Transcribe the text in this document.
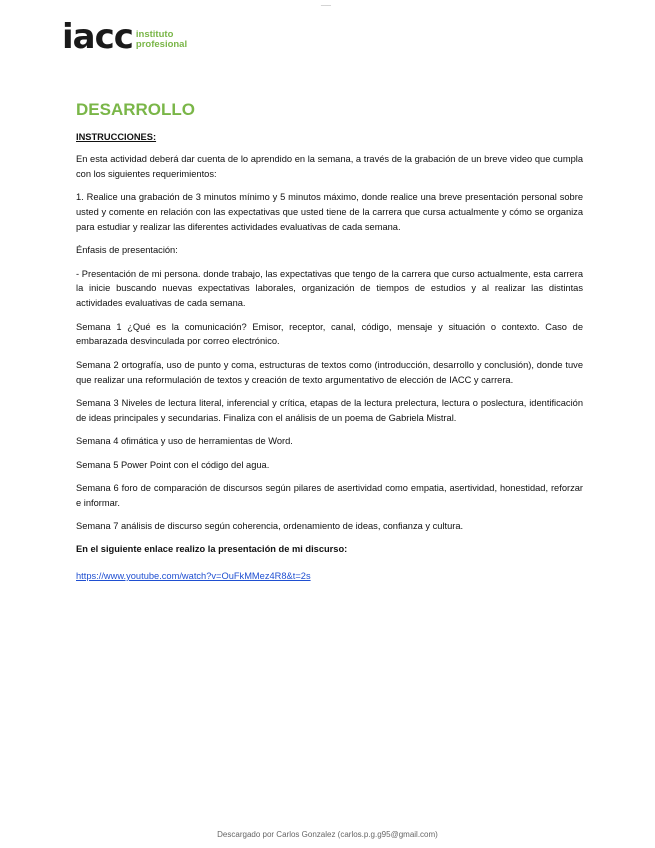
___
iacc instituto
profesional
DESARROLLO
INSTRUCCIONES:

En esta actividad deberá dar cuenta de lo aprendido en la semana, a través de la grabación de un breve video que cumpla con los siguientes requerimientos:

1. Realice una grabación de 3 minutos mínimo y 5 minutos máximo, donde realice una breve presentación personal sobre usted y comente en relación con las expectativas que usted tiene de la carrera que cursa actualmente y cómo se organiza para estudiar y realizar las diferentes actividades evaluativas de cada semana.

Énfasis de presentación:

- Presentación de mi persona. donde trabajo, las expectativas que tengo de la carrera que curso actualmente, esta carrera la inicie buscando nuevas expectativas laborales, organización de tiempos de estudios y al realizar las distintas actividades evaluativas de cada semana.

Semana 1 ¿Qué es la comunicación? Emisor, receptor, canal, código, mensaje y situación o contexto. Caso de embarazada desvinculada por correo electrónico.

Semana 2 ortografía, uso de punto y coma, estructuras de textos como (introducción, desarrollo y conclusión), donde tuve que realizar una reformulación de textos y creación de texto argumentativo de elección de IACC y carrera.

Semana 3 Niveles de lectura literal, inferencial y crítica, etapas de la lectura prelectura, lectura o poslectura, identificación de ideas principales y secundarias. Finaliza con el análisis de un poema de Gabriela Mistral.

Semana 4 ofimática y uso de herramientas de Word.

Semana 5 Power Point con el código del agua.

Semana 6 foro de comparación de discursos según pilares de asertividad como empatia, asertividad, honestidad, reforzar e informar.

Semana 7 análisis de discurso según coherencia, ordenamiento de ideas, confianza y cultura.

En el siguiente enlace realizo la presentación de mi discurso:

https://www.youtube.com/watch?v=OuFkMMez4R8&t=2s
Descargado por Carlos Gonzalez (carlos.p.g.g95@gmail.com)
